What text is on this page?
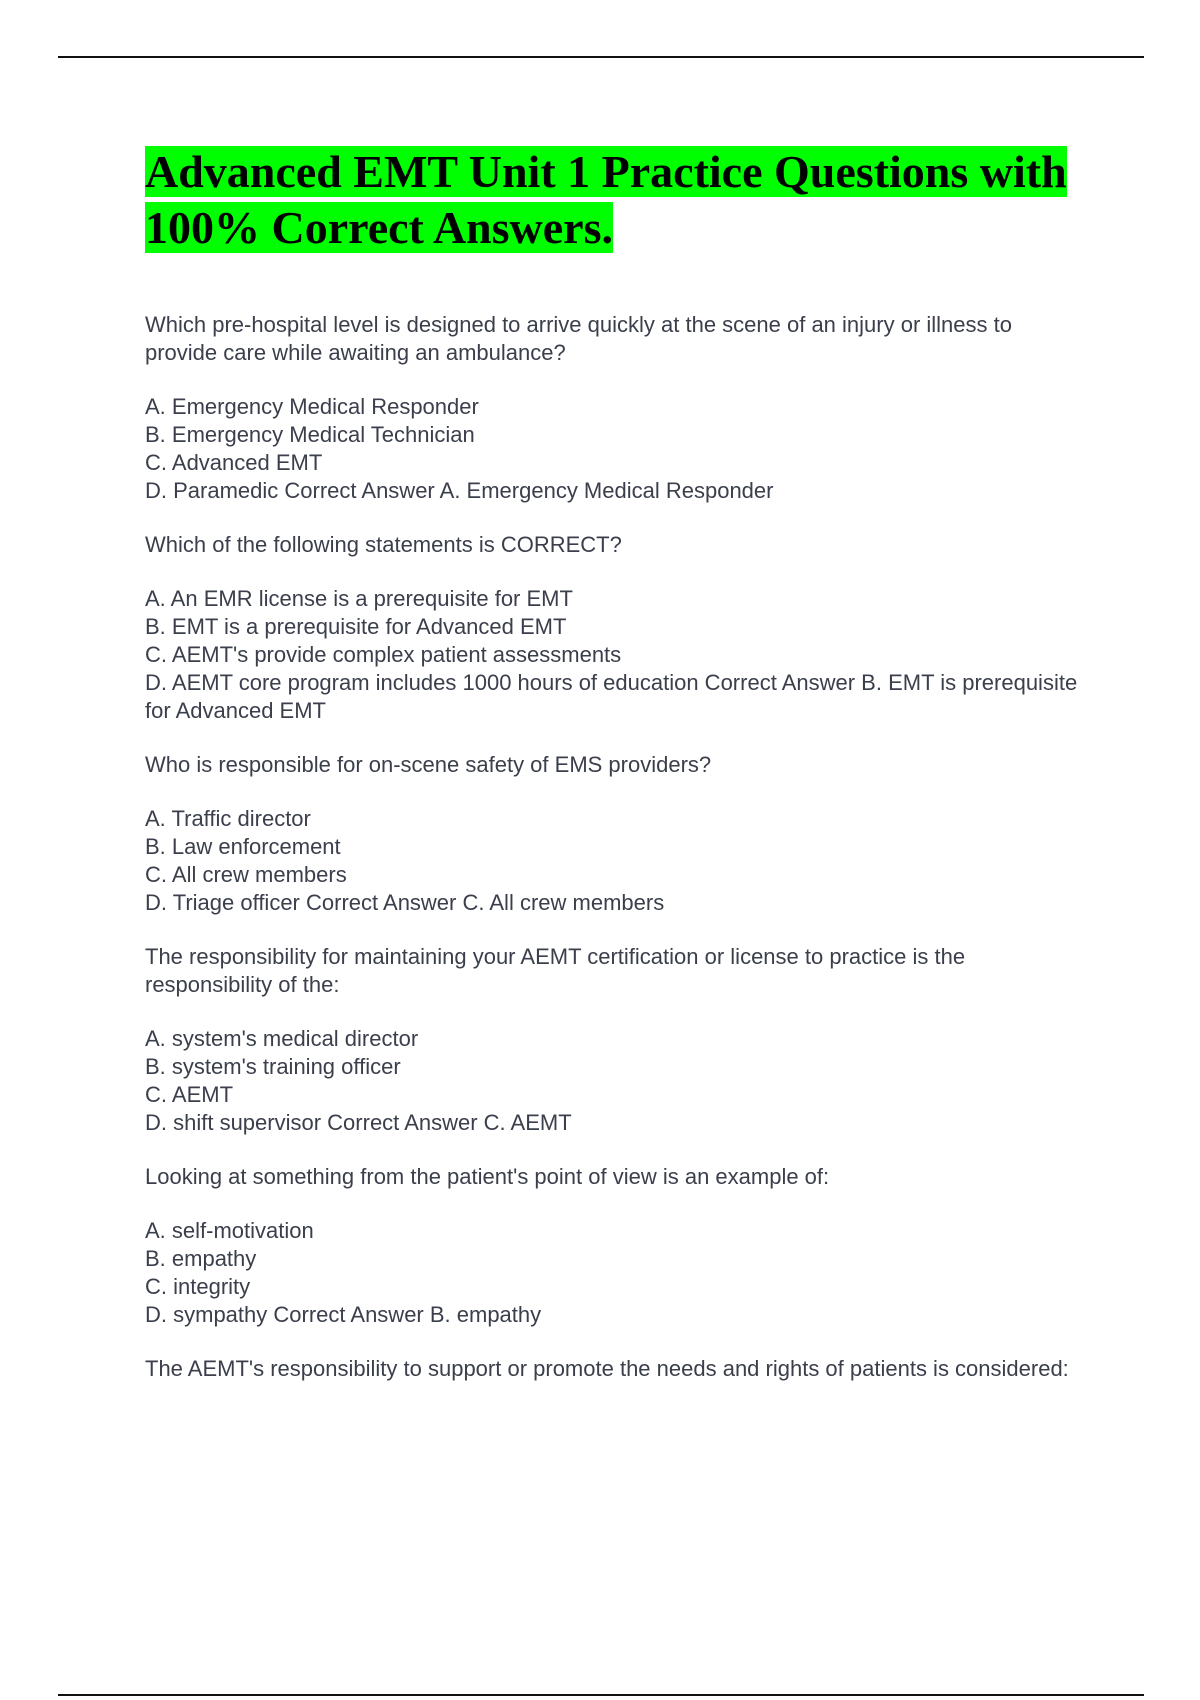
Advanced EMT Unit 1 Practice Questions with 100% Correct Answers.

Which pre-hospital level is designed to arrive quickly at the scene of an injury or illness to provide care while awaiting an ambulance?

A. Emergency Medical Responder
B. Emergency Medical Technician
C. Advanced EMT
D. Paramedic Correct Answer A. Emergency Medical Responder

Which of the following statements is CORRECT?

A. An EMR license is a prerequisite for EMT
B. EMT is a prerequisite for Advanced EMT
C. AEMT's provide complex patient assessments
D. AEMT core program includes 1000 hours of education Correct Answer B. EMT is prerequisite for Advanced EMT

Who is responsible for on-scene safety of EMS providers?

A. Traffic director
B. Law enforcement
C. All crew members
D. Triage officer Correct Answer C. All crew members

The responsibility for maintaining your AEMT certification or license to practice is the responsibility of the:

A. system's medical director
B. system's training officer
C. AEMT
D. shift supervisor Correct Answer C. AEMT

Looking at something from the patient's point of view is an example of:

A. self-motivation
B. empathy
C. integrity
D. sympathy Correct Answer B. empathy

The AEMT's responsibility to support or promote the needs and rights of patients is considered:
